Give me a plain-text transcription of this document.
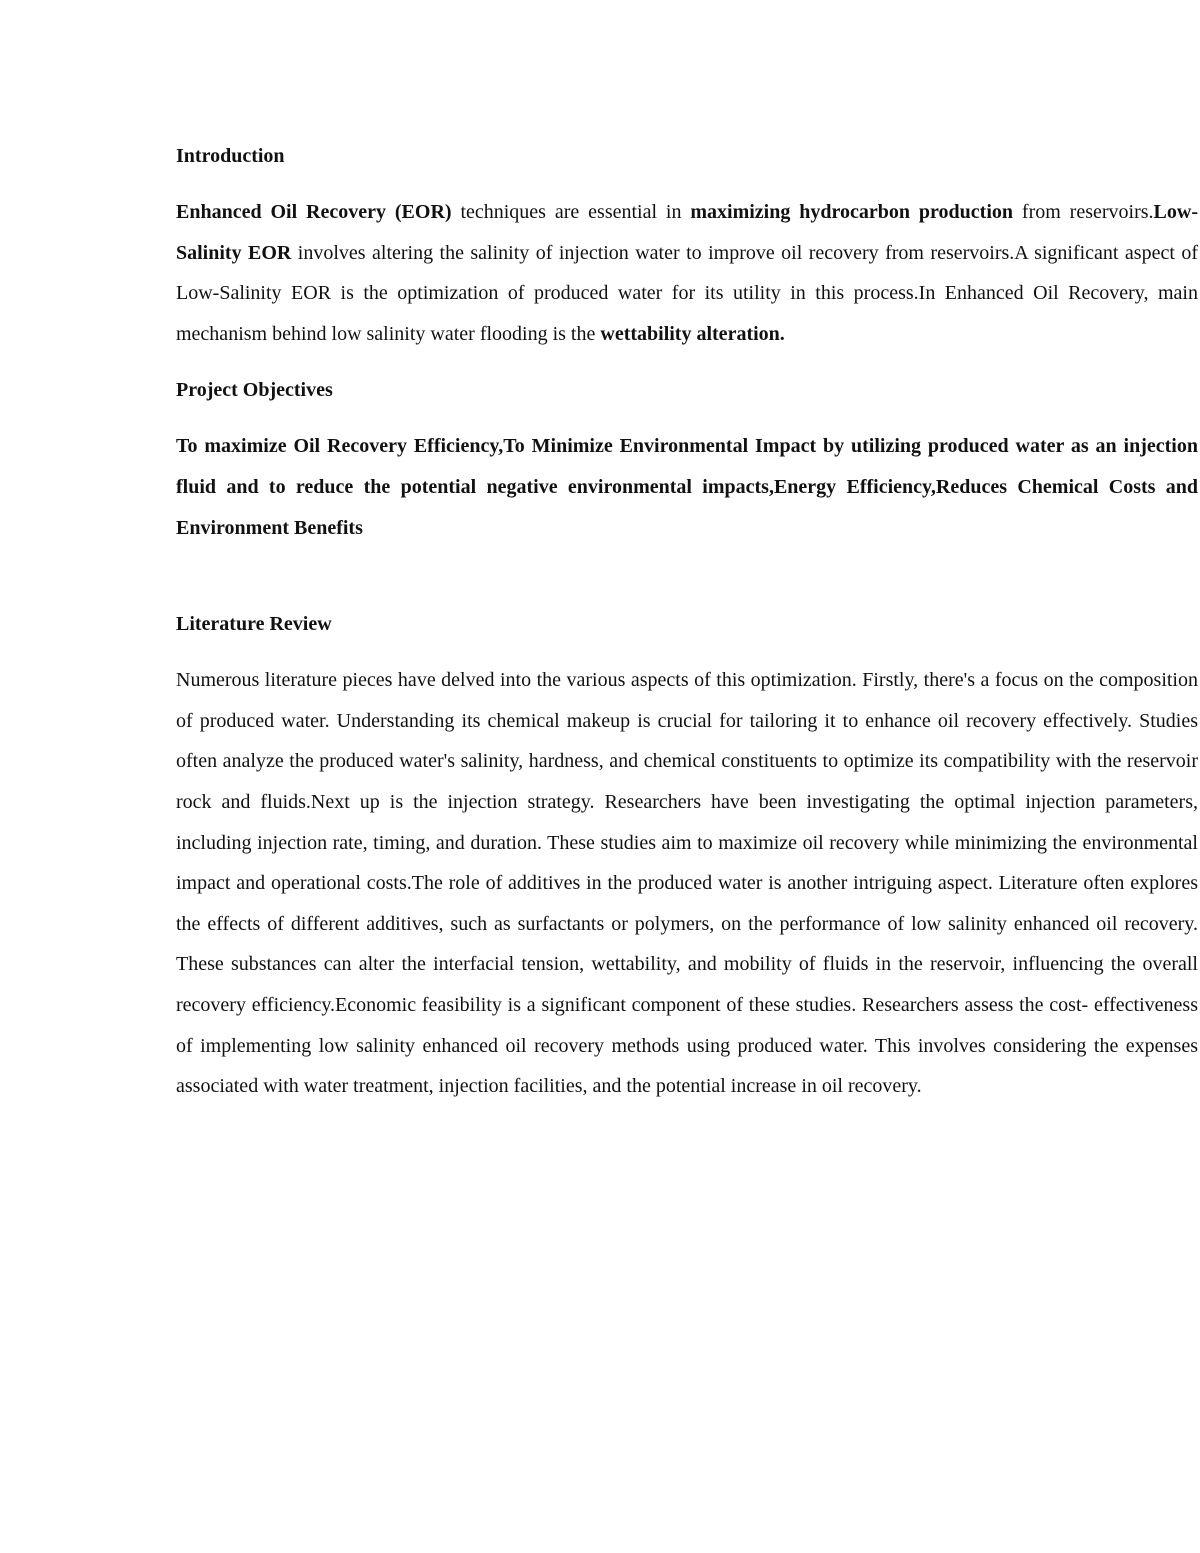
Introduction

Enhanced Oil Recovery (EOR) techniques are essential in maximizing hydrocarbon production from reservoirs.Low-Salinity EOR involves altering the salinity of injection water to improve oil recovery from reservoirs.A significant aspect of Low-Salinity EOR is the optimization of produced water for its utility in this process.In Enhanced Oil Recovery, main mechanism behind low salinity water flooding is the wettability alteration.

Project Objectives

To maximize Oil Recovery Efficiency,To Minimize Environmental Impact by utilizing produced water as an injection fluid and to reduce the potential negative environmental impacts,Energy Efficiency,Reduces Chemical Costs and Environment Benefits

Literature Review

Numerous literature pieces have delved into the various aspects of this optimization. Firstly, there's a focus on the composition of produced water. Understanding its chemical makeup is crucial for tailoring it to enhance oil recovery effectively. Studies often analyze the produced water's salinity, hardness, and chemical constituents to optimize its compatibility with the reservoir rock and fluids.Next up is the injection strategy. Researchers have been investigating the optimal injection parameters, including injection rate, timing, and duration. These studies aim to maximize oil recovery while minimizing the environmental impact and operational costs.The role of additives in the produced water is another intriguing aspect. Literature often explores the effects of different additives, such as surfactants or polymers, on the performance of low salinity enhanced oil recovery. These substances can alter the interfacial tension, wettability, and mobility of fluids in the reservoir, influencing the overall recovery efficiency.Economic feasibility is a significant component of these studies. Researchers assess the cost- effectiveness of implementing low salinity enhanced oil recovery methods using produced water. This involves considering the expenses associated with water treatment, injection facilities, and the potential increase in oil recovery.
